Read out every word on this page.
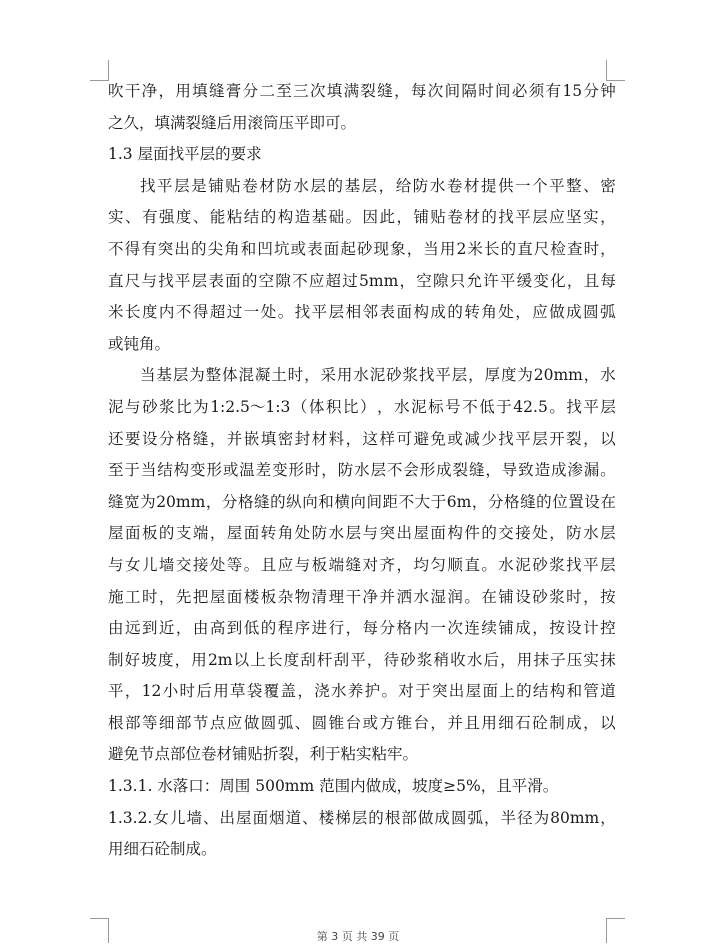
吹 干 净 ， 用 填 缝 膏 分 二 至 三 次 填 满 裂 缝 ， 每 次 间 隔 时 间 必 须 有 15 分 钟
之久，填满裂缝后用滚筒压平即可。
1.3 屋面找平层的要求
找 平 层 是 铺 贴 卷 材 防 水 层 的 基 层 ， 给 防 水 卷 材 提 供 一 个 平 整 、 密
实 、 有 强 度 、 能 粘 结 的 构 造 基 础 。 因 此 ， 铺 贴 卷 材 的 找 平 层 应 坚 实 ，
不 得 有 突 出 的 尖 角 和 凹 坑 或 表 面 起 砂 现 象 ， 当 用 2 米 长 的 直 尺 检 查 时 ，
直 尺 与 找 平 层 表 面 的 空 隙 不 应 超 过 5mm ， 空 隙 只 允 许 平 缓 变 化 ， 且 每
米 长 度 内 不 得 超 过 一 处 。 找 平 层 相 邻 表 面 构 成 的 转 角 处 ， 应 做 成 圆 弧
或钝角。
当 基 层 为 整 体 混 凝 土 时 ， 采 用 水 泥 砂 浆 找 平 层 ， 厚 度 为 20mm ， 水
泥 与 砂 浆 比 为 1:2.5～1:3 （ 体 积 比 ） ， 水 泥 标 号 不 低 于 42.5 。 找 平 层
还 要 设 分 格 缝 ， 并 嵌 填 密 封 材 料 ， 这 样 可 避 免 或 减 少 找 平 层 开 裂 ， 以
至 于 当 结 构 变 形 或 温 差 变 形 时 ， 防 水 层 不 会 形 成 裂 缝 ， 导 致 造 成 渗 漏 。
缝 宽 为 20mm ， 分 格 缝 的 纵 向 和 横 向 间 距 不 大 于 6m ， 分 格 缝 的 位 置 设 在
屋 面 板 的 支 端 ， 屋 面 转 角 处 防 水 层 与 突 出 屋 面 构 件 的 交 接 处 ， 防 水 层
与 女 儿 墙 交 接 处 等 。 且 应 与 板 端 缝 对 齐 ， 均 匀 顺 直 。 水 泥 砂 浆 找 平 层
施 工 时 ， 先 把 屋 面 楼 板 杂 物 清 理 干 净 并 洒 水 湿 润 。 在 铺 设 砂 浆 时 ， 按
由 远 到 近 ， 由 高 到 低 的 程 序 进 行 ， 每 分 格 内 一 次 连 续 铺 成 ， 按 设 计 控
制 好 坡 度 ， 用 2m 以 上 长 度 刮 杆 刮 平 ， 待 砂 浆 稍 收 水 后 ， 用 抹 子 压 实 抹
平 ， 12 小 时 后 用 草 袋 覆 盖 ， 浇 水 养 护 。 对 于 突 出 屋 面 上 的 结 构 和 管 道
根 部 等 细 部 节 点 应 做 圆 弧 、 圆 锥 台 或 方 锥 台 ， 并 且 用 细 石 砼 制 成 ， 以
避免节点部位卷材铺贴折裂，利于粘实粘牢。
1.3.1. 水落口：周围 500mm 范围内做成，坡度≥5%，且平滑。
1.3.2. 女 儿 墙 、 出 屋 面 烟 道 、 楼 梯 层 的 根 部 做 成 圆 弧 ， 半 径 为 80mm ，
用细石砼制成。
第 3 页 共 39 页
